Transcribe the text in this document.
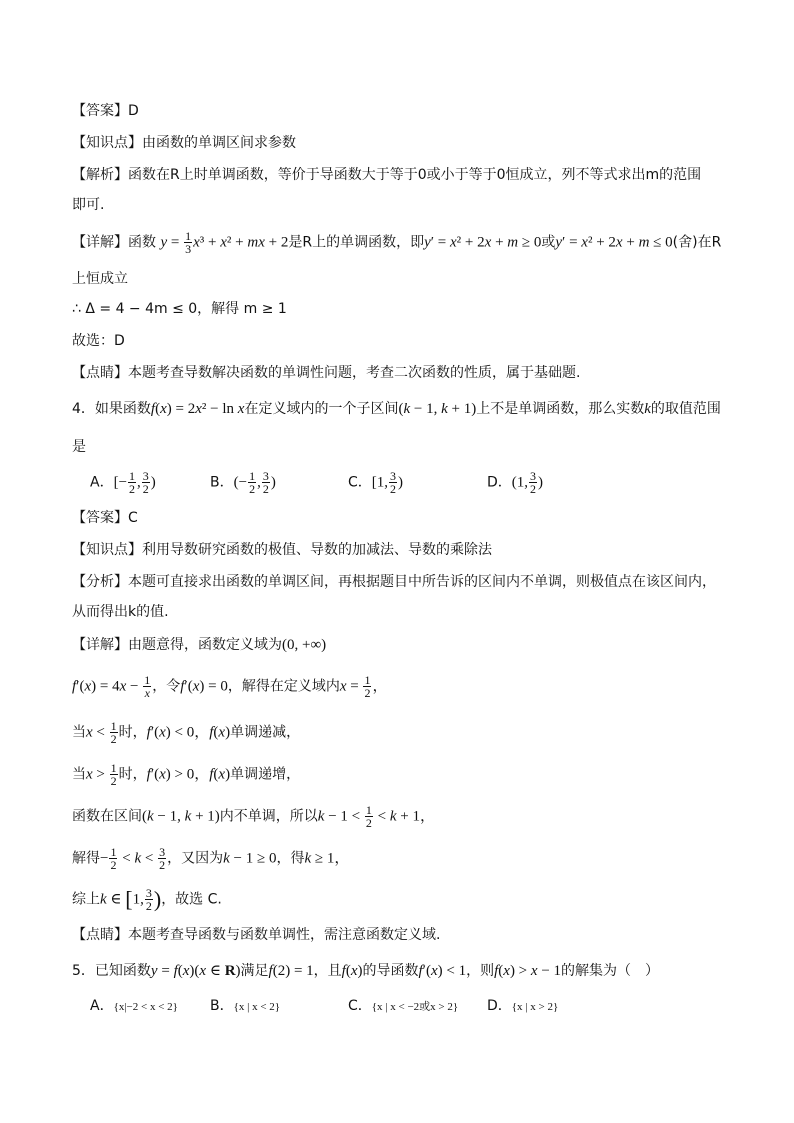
【答案】D
【知识点】由函数的单调区间求参数
【解析】函数在R上时单调函数，等价于导函数大于等于0或小于等于0恒成立，列不等式求出m的范围
即可.
【详解】函数 $y = \frac{1}{3} x^3 + x^2$ + mx + 2是R上的单调函数，即y′ = x² + 2x + m ≥ 0或y′ = x² + 2x + m ≤ 0(舍)在R
上恒成立
∴ Δ = 4 − 4m ≤ 0，解得 m ≥ 1
故选：D
【点睛】本题考查导数解决函数的单调性问题，考查二次函数的性质，属于基础题.
4．如果函数f(x) = 2x² − ln x在定义域内的一个子区间(k − 1, k + 1)上不是单调函数，那么实数k的取值范围
是
A．[− $\frac{1}{2}$ , $\frac{3}{2}$ )	B．(− $\frac{1}{2}$ , $\frac{3}{2}$ )	C．[1, $\frac{3}{2}$ )	D．(1, $\frac{3}{2}$ )
【答案】C
【知识点】利用导数研究函数的极值、导数的加减法、导数的乘除法
【分析】本题可直接求出函数的单调区间，再根据题目中所告诉的区间内不单调，则极值点在该区间内，
从而得出k的值.
【详解】由题意得，函数定义域为(0, +∞)
$f'(x) = 4x - \frac{1}{x}$ ，令f′(x) = 0，解得在定义域内$x = \frac{1}{2}$ ，
当$x < \frac{1}{2}$ 时，f′(x) < 0，f(x)单调递减，
当$x > \frac{1}{2}$ 时，f′(x) > 0，f(x)单调递增，
函数在区间(k − 1, k + 1)内不单调，所以$k - 1 < \frac{1}{2} < k + 1$，
解得− $\frac{1}{2} < k < \frac{3}{2}$ ，又因为k − 1 ≥ 0，得k ≥ 1，
综上k ∈ [1, $\frac{3}{2}$ )，故选 C.
【点睛】本题考查导函数与函数单调性，需注意函数定义域.
5．已知函数y = f(x)(x ∈ R)满足f(2) = 1，且f(x)的导函数f′(x) < 1，则f(x) > x − 1的解集为（　）
A．{x|−2 < x < 2} B．{x | x < 2}	C．{x | x < −2或x > 2} D．{x | x > 2}
